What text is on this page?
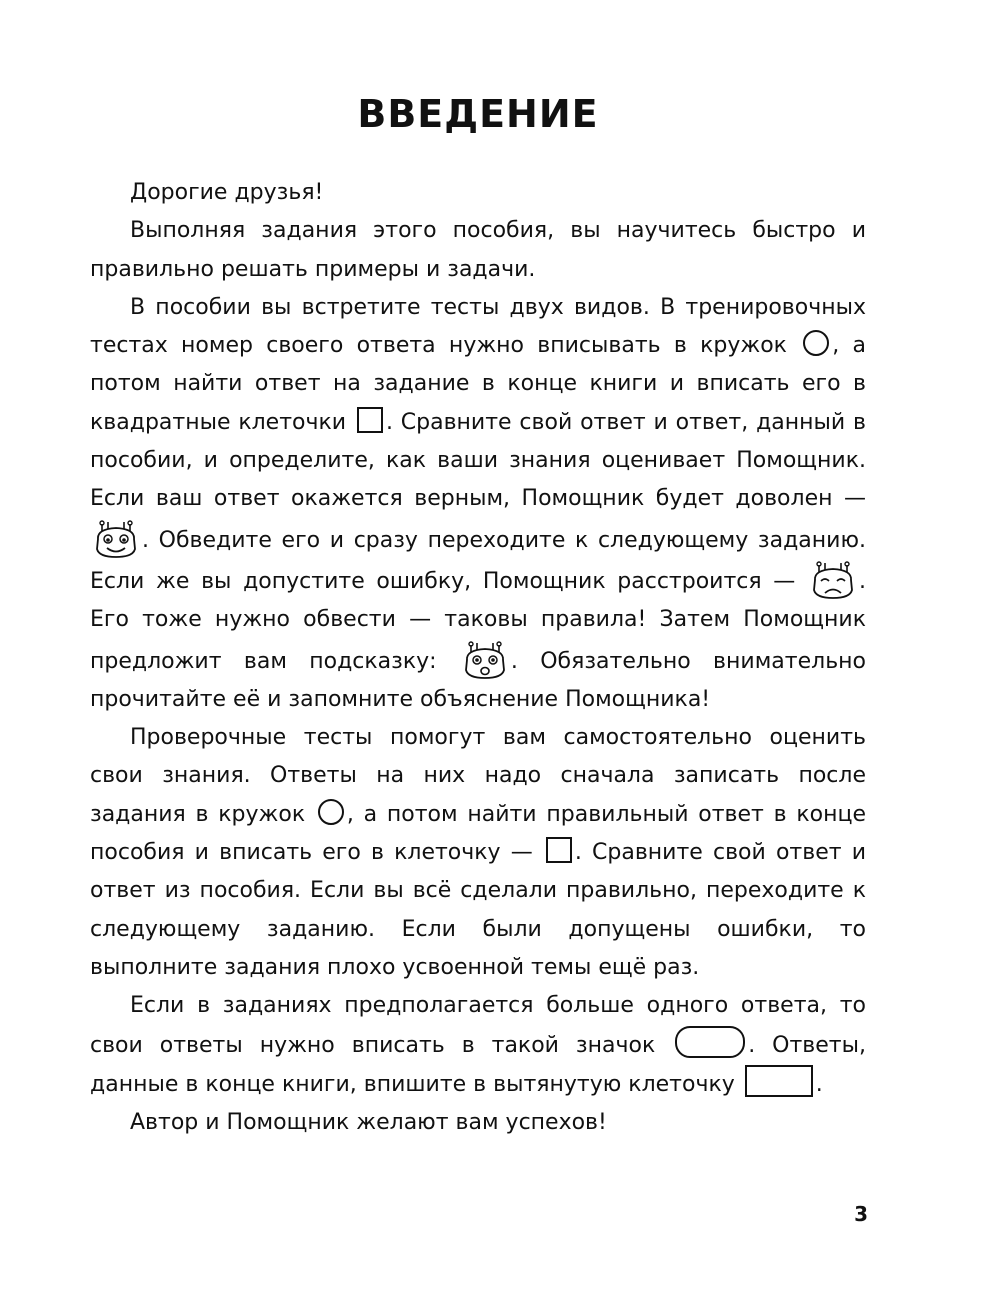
ВВЕДЕНИЕ

Дорогие друзья!

Выполняя задания этого пособия, вы научитесь быстро и правильно решать примеры и задачи.

В пособии вы встретите тесты двух видов. В тренировочных тестах номер своего ответа нужно вписывать в кружок , а потом найти ответ на задание в конце книги и вписать его в квадратные клеточки . Сравните свой ответ и ответ, данный в пособии, и определите, как ваши знания оценивает Помощник. Если ваш ответ окажется верным, Помощник будет доволен — . Обведите его и сразу переходите к следующему заданию. Если же вы допустите ошибку, Помощник расстроится —	. Его тоже нужно обвести — таковы правила! Затем Помощник предложит вам подсказку:	. Обязательно внимательно прочитайте её и запомните объяснение Помощника!

Проверочные тесты помогут вам самостоятельно оценить свои знания. Ответы на них надо сначала записать после задания в кружок , а потом найти правильный ответ в конце пособия и вписать его в клеточку — . Сравните свой ответ и ответ из пособия. Если вы всё сделали правильно, переходите к следующему заданию. Если были допущены ошибки, то выполните задания плохо усвоенной темы ещё раз.

Если в заданиях предполагается больше одного ответа, то свои ответы нужно вписать в такой значок	. Ответы, данные в конце книги, впишите в вытянутую клеточку	.

Автор и Помощник желают вам успехов!

3
